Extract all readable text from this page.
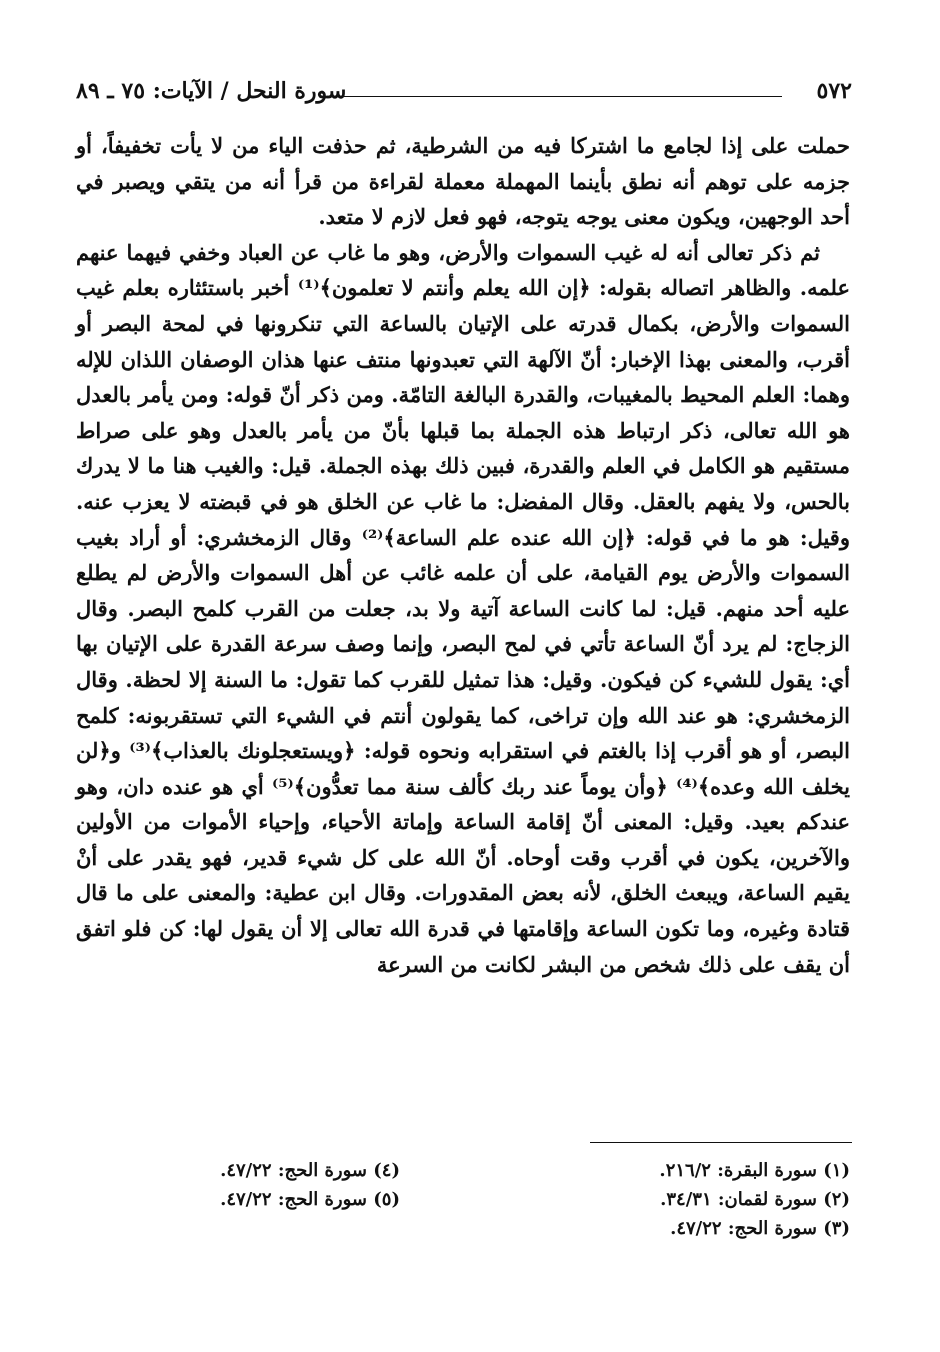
٥٧٢
سورة النحل / الآيات: ٧٥ ـ ٨٩

حملت على إذا لجامع ما اشتركا فيه من الشرطية، ثم حذفت الياء من لا يأت تخفيفاً، أو جزمه على توهم أنه نطق بأينما المهملة معملة لقراءة من قرأ أنه من يتقي ويصبر في أحد الوجهين، ويكون معنى يوجه يتوجه، فهو فعل لازم لا متعد.

ثم ذكر تعالى أنه له غيب السموات والأرض، وهو ما غاب عن العباد وخفي فيهما عنهم علمه. والظاهر اتصاله بقوله: ﴿إن الله يعلم وأنتم لا تعلمون﴾⁽¹⁾ أخبر باستئثاره بعلم غيب السموات والأرض، بكمال قدرته على الإتيان بالساعة التي تنكرونها في لمحة البصر أو أقرب، والمعنى بهذا الإخبار: أنّ الآلهة التي تعبدونها منتف عنها هذان الوصفان اللذان للإله وهما: العلم المحيط بالمغيبات، والقدرة البالغة التامّة. ومن ذكر أنّ قوله: ومن يأمر بالعدل هو الله تعالى، ذكر ارتباط هذه الجملة بما قبلها بأنّ من يأمر بالعدل وهو على صراط مستقيم هو الكامل في العلم والقدرة، فبين ذلك بهذه الجملة. قيل: والغيب هنا ما لا يدرك بالحس، ولا يفهم بالعقل. وقال المفضل: ما غاب عن الخلق هو في قبضته لا يعزب عنه. وقيل: هو ما في قوله: ﴿إن الله عنده علم الساعة﴾⁽²⁾ وقال الزمخشري: أو أراد بغيب السموات والأرض يوم القيامة، على أن علمه غائب عن أهل السموات والأرض لم يطلع عليه أحد منهم. قيل: لما كانت الساعة آتية ولا بد، جعلت من القرب كلمح البصر. وقال الزجاج: لم يرد أنّ الساعة تأتي في لمح البصر، وإنما وصف سرعة القدرة على الإتيان بها أي: يقول للشيء كن فيكون. وقيل: هذا تمثيل للقرب كما تقول: ما السنة إلا لحظة. وقال الزمخشري: هو عند الله وإن تراخى، كما يقولون أنتم في الشيء التي تستقربونه: كلمح البصر، أو هو أقرب إذا بالغتم في استقرابه ونحوه قوله: ﴿ويستعجلونك بالعذاب﴾⁽³⁾ و﴿لن يخلف الله وعده﴾⁽⁴⁾ ﴿وأن يوماً عند ربك كألف سنة مما تعدُّون﴾⁽⁵⁾ أي هو عنده دان، وهو عندكم بعيد. وقيل: المعنى أنّ إقامة الساعة وإماتة الأحياء، وإحياء الأموات من الأولين والآخرين، يكون في أقرب وقت أوحاه. أنّ الله على كل شيء قدير، فهو يقدر على أنْ يقيم الساعة، ويبعث الخلق، لأنه بعض المقدورات. وقال ابن عطية: والمعنى على ما قال قتادة وغيره، وما تكون الساعة وإقامتها في قدرة الله تعالى إلا أن يقول لها: كن فلو اتفق أن يقف على ذلك شخص من البشر لكانت من السرعة

(١) سورة البقرة: ٢١٦/٢.
(٢) سورة لقمان: ٣٤/٣١.
(٣) سورة الحج: ٤٧/٢٢.
(٤) سورة الحج: ٤٧/٢٢.
(٥) سورة الحج: ٤٧/٢٢.
